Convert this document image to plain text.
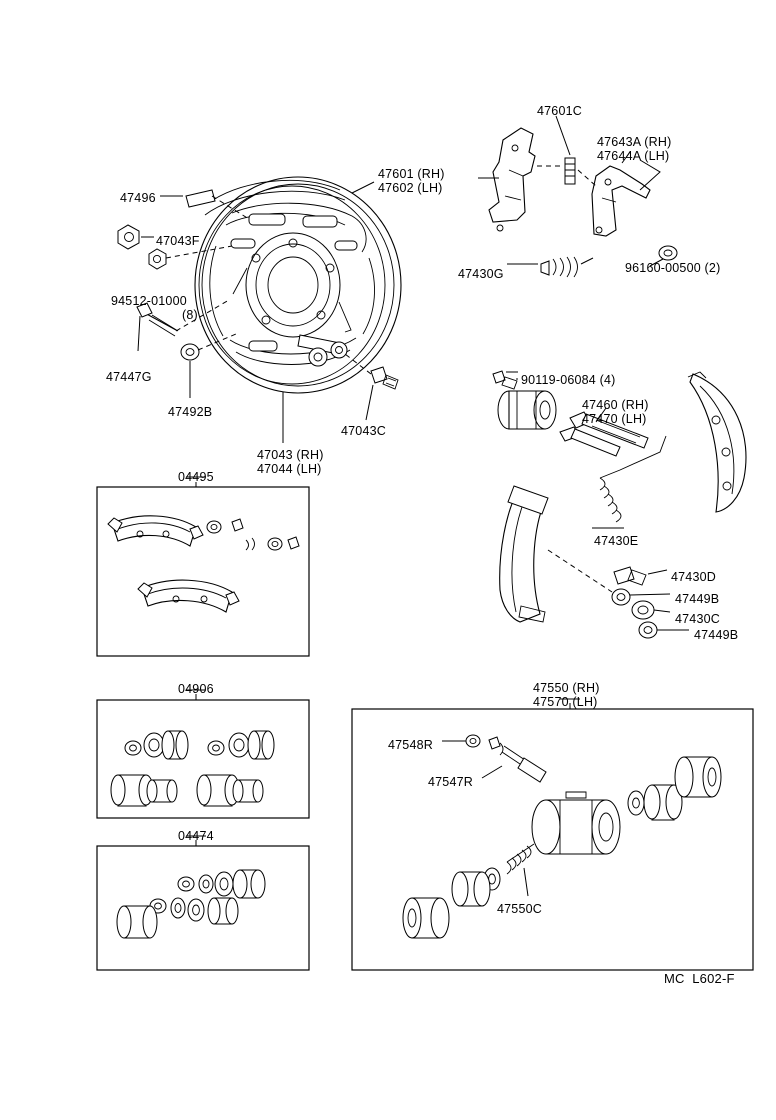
47601C
47643A (RH)
47644A (LH)
47601 (RH)
47602 (LH)
47496
47043F
96160-00500 (2)
47430G
94512-01000
(8)
47447G	90119-06084 (4)
47460 (RH)
47470 (LH)
47492B
47043C
47043 (RH)
47044 (LH)
04495
47430E
47430D
47449B
47430C
47449B
04906	47550 (RH)
47570 (LH)
47548R
47547R
04474
47550C
MC  L602-F
